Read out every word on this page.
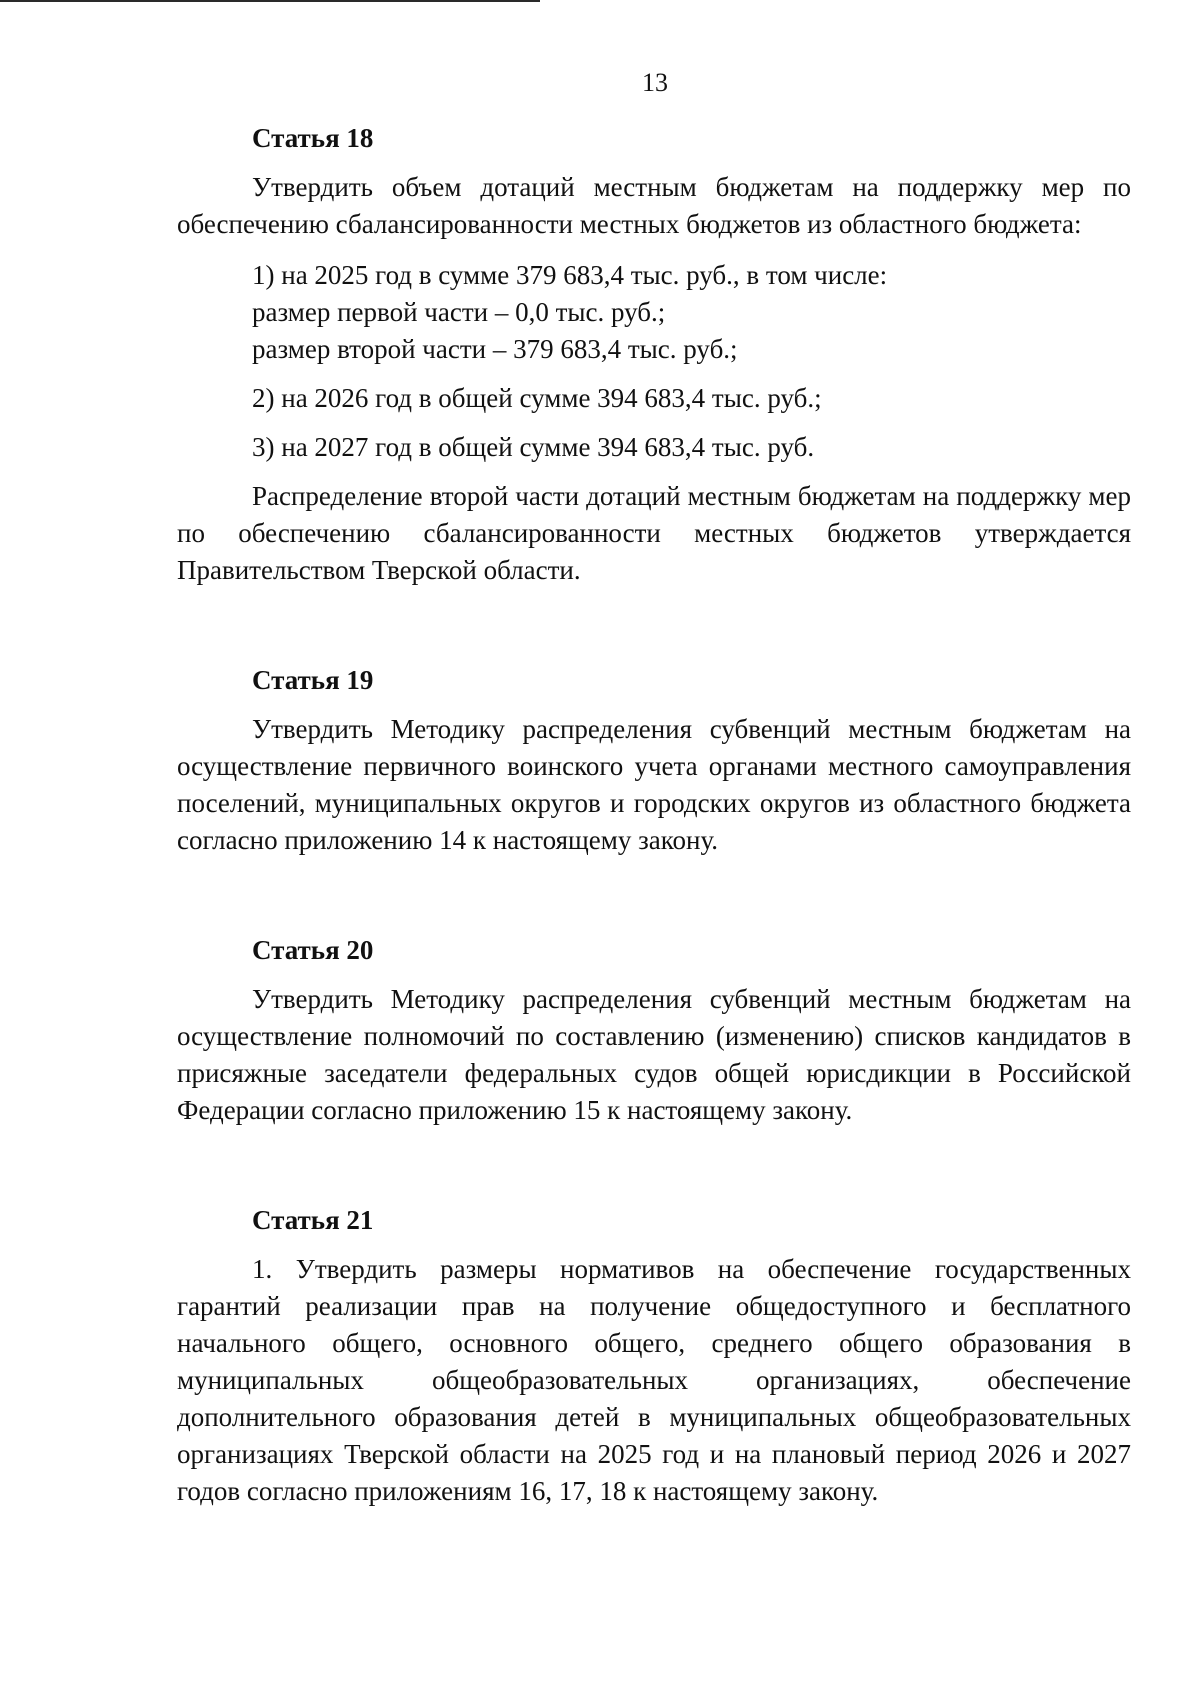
13
Статья 18

Утвердить объем дотаций местным бюджетам на поддержку мер по обеспечению сбалансированности местных бюджетов из областного бюджета:

1) на 2025 год в сумме 379 683,4 тыс. руб., в том числе:
размер первой части – 0,0 тыс. руб.;
размер второй части – 379 683,4 тыс. руб.;
2) на 2026 год в общей сумме 394 683,4 тыс. руб.;
3) на 2027 год в общей сумме 394 683,4 тыс. руб.

Распределение второй части дотаций местным бюджетам на поддержку мер по обеспечению сбалансированности местных бюджетов утверждается Правительством Тверской области.

Статья 19

Утвердить Методику распределения субвенций местным бюджетам на осуществление первичного воинского учета органами местного самоуправления поселений, муниципальных округов и городских округов из областного бюджета согласно приложению 14 к настоящему закону.

Статья 20

Утвердить Методику распределения субвенций местным бюджетам на осуществление полномочий по составлению (изменению) списков кандидатов в присяжные заседатели федеральных судов общей юрисдикции в Российской Федерации согласно приложению 15 к настоящему закону.

Статья 21

1. Утвердить размеры нормативов на обеспечение государственных гарантий реализации прав на получение общедоступного и бесплатного начального общего, основного общего, среднего общего образования в муниципальных общеобразовательных организациях, обеспечение дополнительного образования детей в муниципальных общеобразовательных организациях Тверской области на 2025 год и на плановый период 2026 и 2027 годов согласно приложениям 16, 17, 18 к настоящему закону.
